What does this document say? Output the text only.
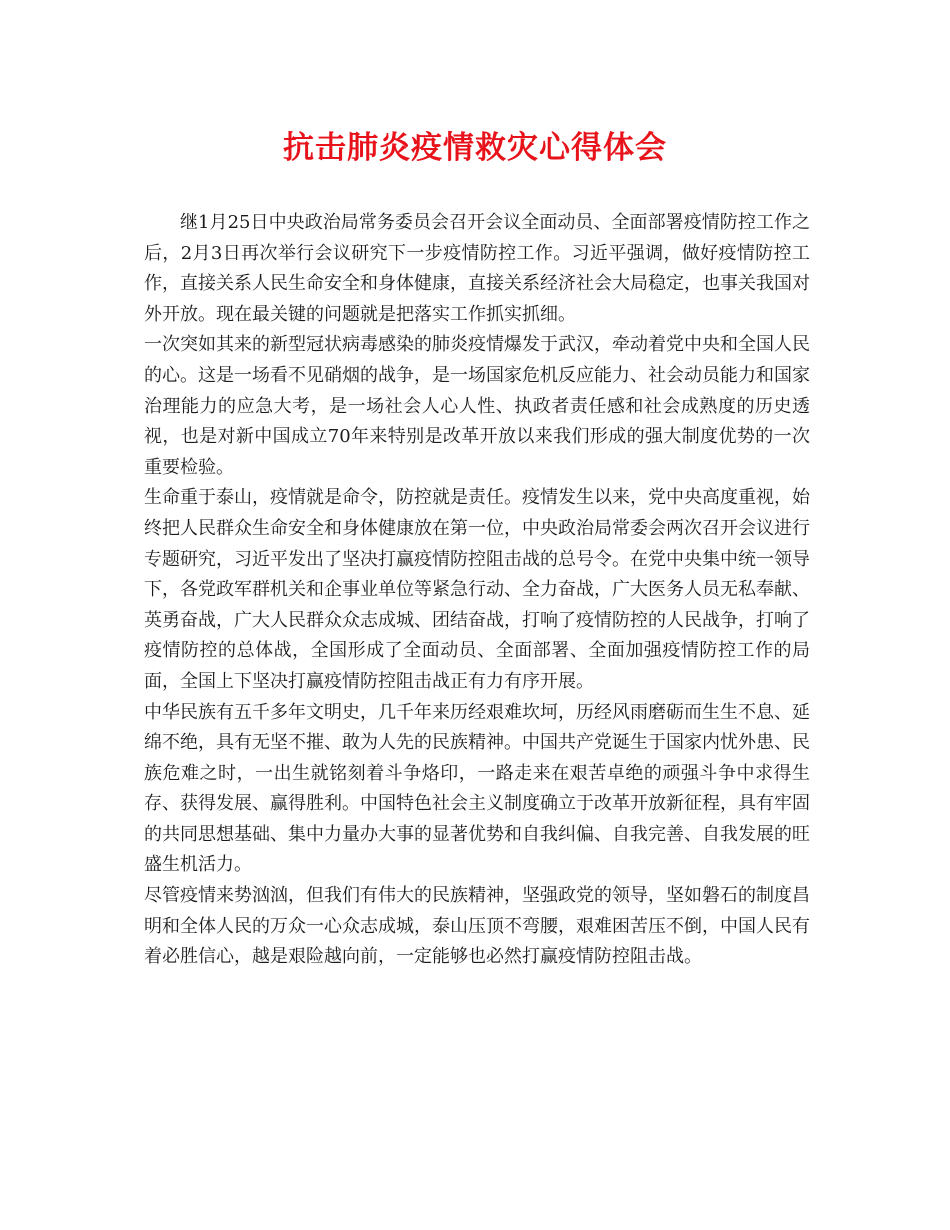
抗击肺炎疫情救灾心得体会

继1月25日中央政治局常务委员会召开会议全面动员、全面部署疫情防控工作之后，2月3日再次举行会议研究下一步疫情防控工作。习近平强调，做好疫情防控工作，直接关系人民生命安全和身体健康，直接关系经济社会大局稳定，也事关我国对外开放。现在最关键的问题就是把落实工作抓实抓细。

一次突如其来的新型冠状病毒感染的肺炎疫情爆发于武汉，牵动着党中央和全国人民的心。这是一场看不见硝烟的战争，是一场国家危机反应能力、社会动员能力和国家治理能力的应急大考，是一场社会人心人性、执政者责任感和社会成熟度的历史透视，也是对新中国成立70年来特别是改革开放以来我们形成的强大制度优势的一次重要检验。

生命重于泰山，疫情就是命令，防控就是责任。疫情发生以来，党中央高度重视，始终把人民群众生命安全和身体健康放在第一位，中央政治局常委会两次召开会议进行专题研究，习近平发出了坚决打赢疫情防控阻击战的总号令。在党中央集中统一领导下，各党政军群机关和企事业单位等紧急行动、全力奋战，广大医务人员无私奉献、英勇奋战，广大人民群众众志成城、团结奋战，打响了疫情防控的人民战争，打响了疫情防控的总体战，全国形成了全面动员、全面部署、全面加强疫情防控工作的局面，全国上下坚决打赢疫情防控阻击战正有力有序开展。

中华民族有五千多年文明史，几千年来历经艰难坎坷，历经风雨磨砺而生生不息、延绵不绝，具有无坚不摧、敢为人先的民族精神。中国共产党诞生于国家内忧外患、民族危难之时，一出生就铭刻着斗争烙印，一路走来在艰苦卓绝的顽强斗争中求得生存、获得发展、赢得胜利。中国特色社会主义制度确立于改革开放新征程，具有牢固的共同思想基础、集中力量办大事的显著优势和自我纠偏、自我完善、自我发展的旺盛生机活力。

尽管疫情来势汹汹，但我们有伟大的民族精神，坚强政党的领导，坚如磐石的制度昌明和全体人民的万众一心众志成城，泰山压顶不弯腰，艰难困苦压不倒，中国人民有着必胜信心，越是艰险越向前，一定能够也必然打赢疫情防控阻击战。
